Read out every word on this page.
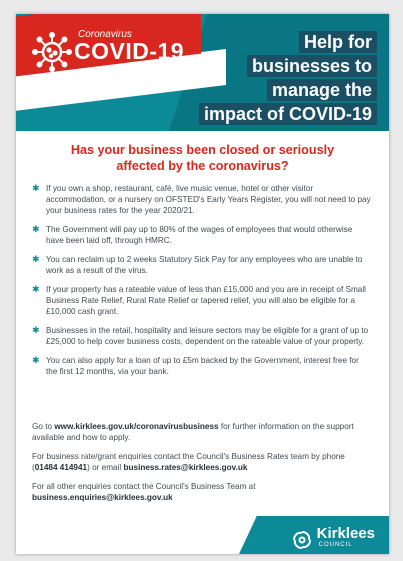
Coronavirus
COVID-19	Help for
businesses to
manage the
impact of COVID-19
Has your business been closed or seriously
affected by the coronavirus?
✱ If you own a shop, restaurant, café, live music venue, hotel or other visitor accommodation, or a nursery on OFSTED's Early Years Register, you will not need to pay your business rates for the year 2020/21.
✱ The Government will pay up to 80% of the wages of employees that would otherwise have been laid off, through HMRC.
✱ You can reclaim up to 2 weeks Statutory Sick Pay for any employees who are unable to work as a result of the virus.
✱ If your property has a rateable value of less than £15,000 and you are in receipt of Small Business Rate Relief, Rural Rate Relief or tapered relief, you will also be eligible for a £10,000 cash grant.
✱ Businesses in the retail, hospitality and leisure sectors may be eligible for a grant of up to £25,000 to help cover business costs, dependent on the rateable value of your property.
✱ You can also apply for a loan of up to £5m backed by the Government, interest free for the first 12 months, via your bank.
Go to www.kirklees.gov.uk/coronavirusbusiness for further information on the support available and how to apply.
For business rate/grant enquiries contact the Council's Business Rates team by phone (01484 414941) or email business.rates@kirklees.gov.uk
For all other enquiries contact the Council's Business Team at business.enquiries@kirklees.gov.uk
Kirklees
COUNCIL
